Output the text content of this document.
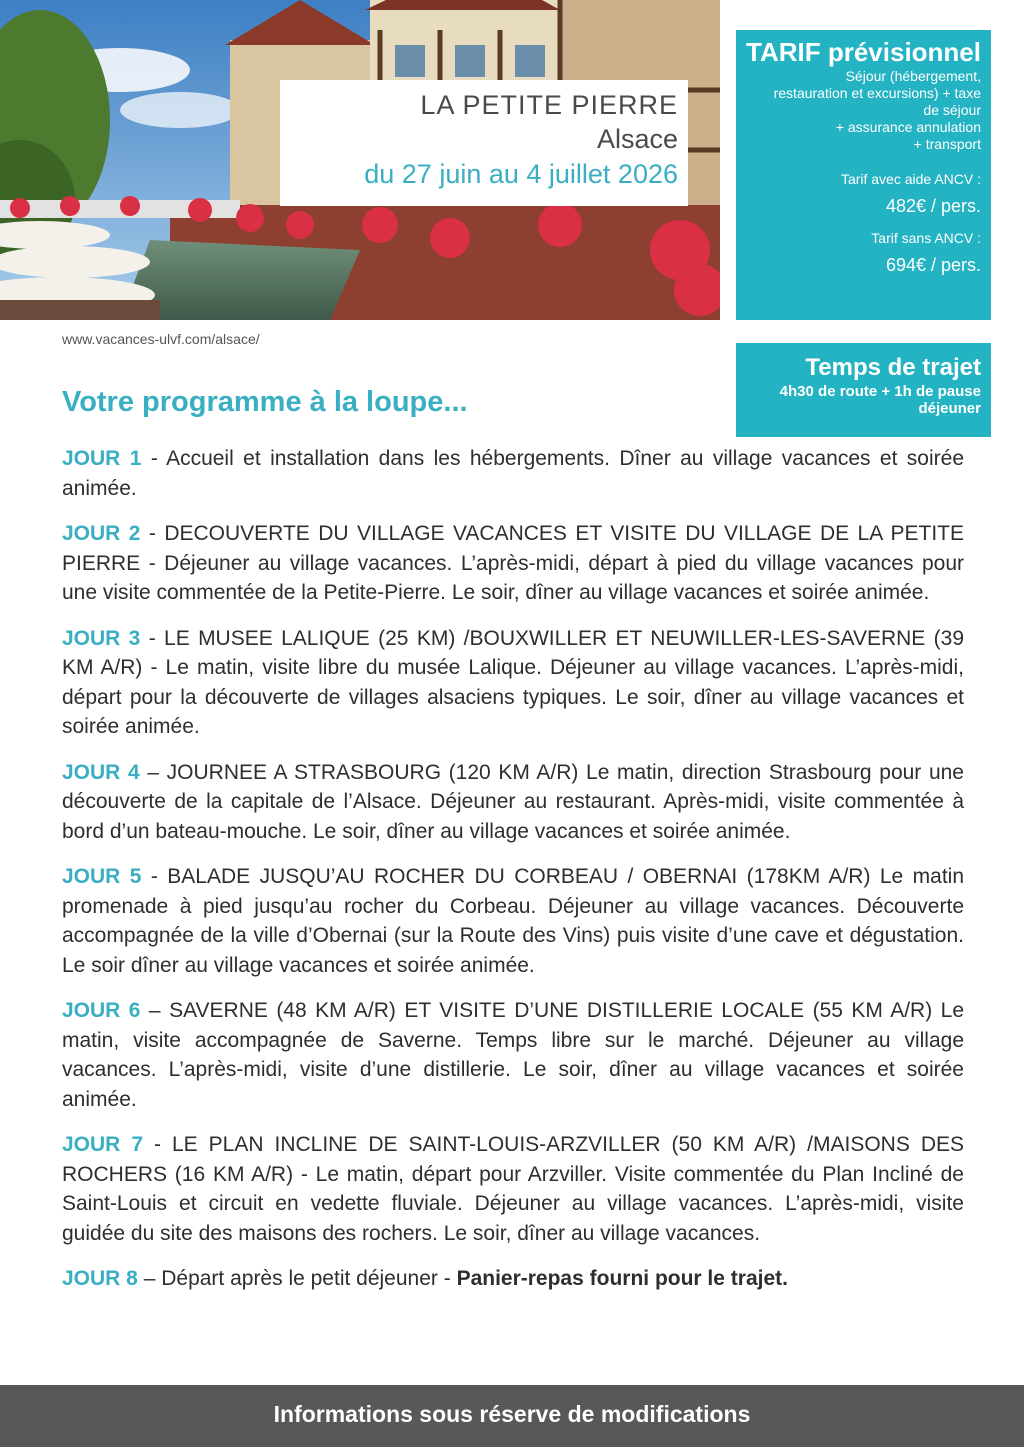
LA PETITE PIERRE
Alsace
du 27 juin au 4 juillet 2026
www.vacances-ulvf.com/alsace/
TARIF prévisionnel
Séjour (hébergement,
restauration et excursions) + taxe
de séjour
+ assurance annulation
+ transport
Tarif avec aide ANCV :
482€ / pers.
Tarif sans ANCV :
694€ / pers.
Temps de trajet
4h30 de route + 1h de pause
déjeuner
Votre programme à la loupe...

JOUR 1 - Accueil et installation dans les hébergements. Dîner au village vacances et soirée animée.

JOUR 2 - DECOUVERTE DU VILLAGE VACANCES ET VISITE DU VILLAGE DE LA PETITE PIERRE - Déjeuner au village vacances. L’après-midi, départ à pied du village vacances pour une visite commentée de la Petite-Pierre. Le soir, dîner au village vacances et soirée animée.

JOUR 3 - LE MUSEE LALIQUE (25 KM) /BOUXWILLER ET NEUWILLER-LES-SAVERNE (39 KM A/R) - Le matin, visite libre du musée Lalique. Déjeuner au village vacances. L’après-midi, départ pour la découverte de villages alsaciens typiques. Le soir, dîner au village vacances et soirée animée.

JOUR 4 – JOURNEE A STRASBOURG (120 KM A/R) Le matin, direction Strasbourg pour une découverte de la capitale de l’Alsace. Déjeuner au restaurant. Après-midi, visite commentée à bord d’un bateau-mouche. Le soir, dîner au village vacances et soirée animée.

JOUR 5 - BALADE JUSQU’AU ROCHER DU CORBEAU / OBERNAI (178KM A/R) Le matin promenade à pied jusqu’au rocher du Corbeau. Déjeuner au village vacances. Découverte accompagnée de la ville d’Obernai (sur la Route des Vins) puis visite d’une cave et dégustation. Le soir dîner au village vacances et soirée animée.

JOUR 6 – SAVERNE (48 KM A/R) ET VISITE D’UNE DISTILLERIE LOCALE (55 KM A/R) Le matin, visite accompagnée de Saverne. Temps libre sur le marché. Déjeuner au village vacances. L’après-midi, visite d’une distillerie. Le soir, dîner au village vacances et soirée animée.

JOUR 7 - LE PLAN INCLINE DE SAINT-LOUIS-ARZVILLER (50 KM A/R) /MAISONS DES ROCHERS (16 KM A/R) - Le matin, départ pour Arzviller. Visite commentée du Plan Incliné de Saint-Louis et circuit en vedette fluviale. Déjeuner au village vacances. L’après-midi, visite guidée du site des maisons des rochers. Le soir, dîner au village vacances.

JOUR 8 – Départ après le petit déjeuner - Panier-repas fourni pour le trajet.

Informations sous réserve de modifications
